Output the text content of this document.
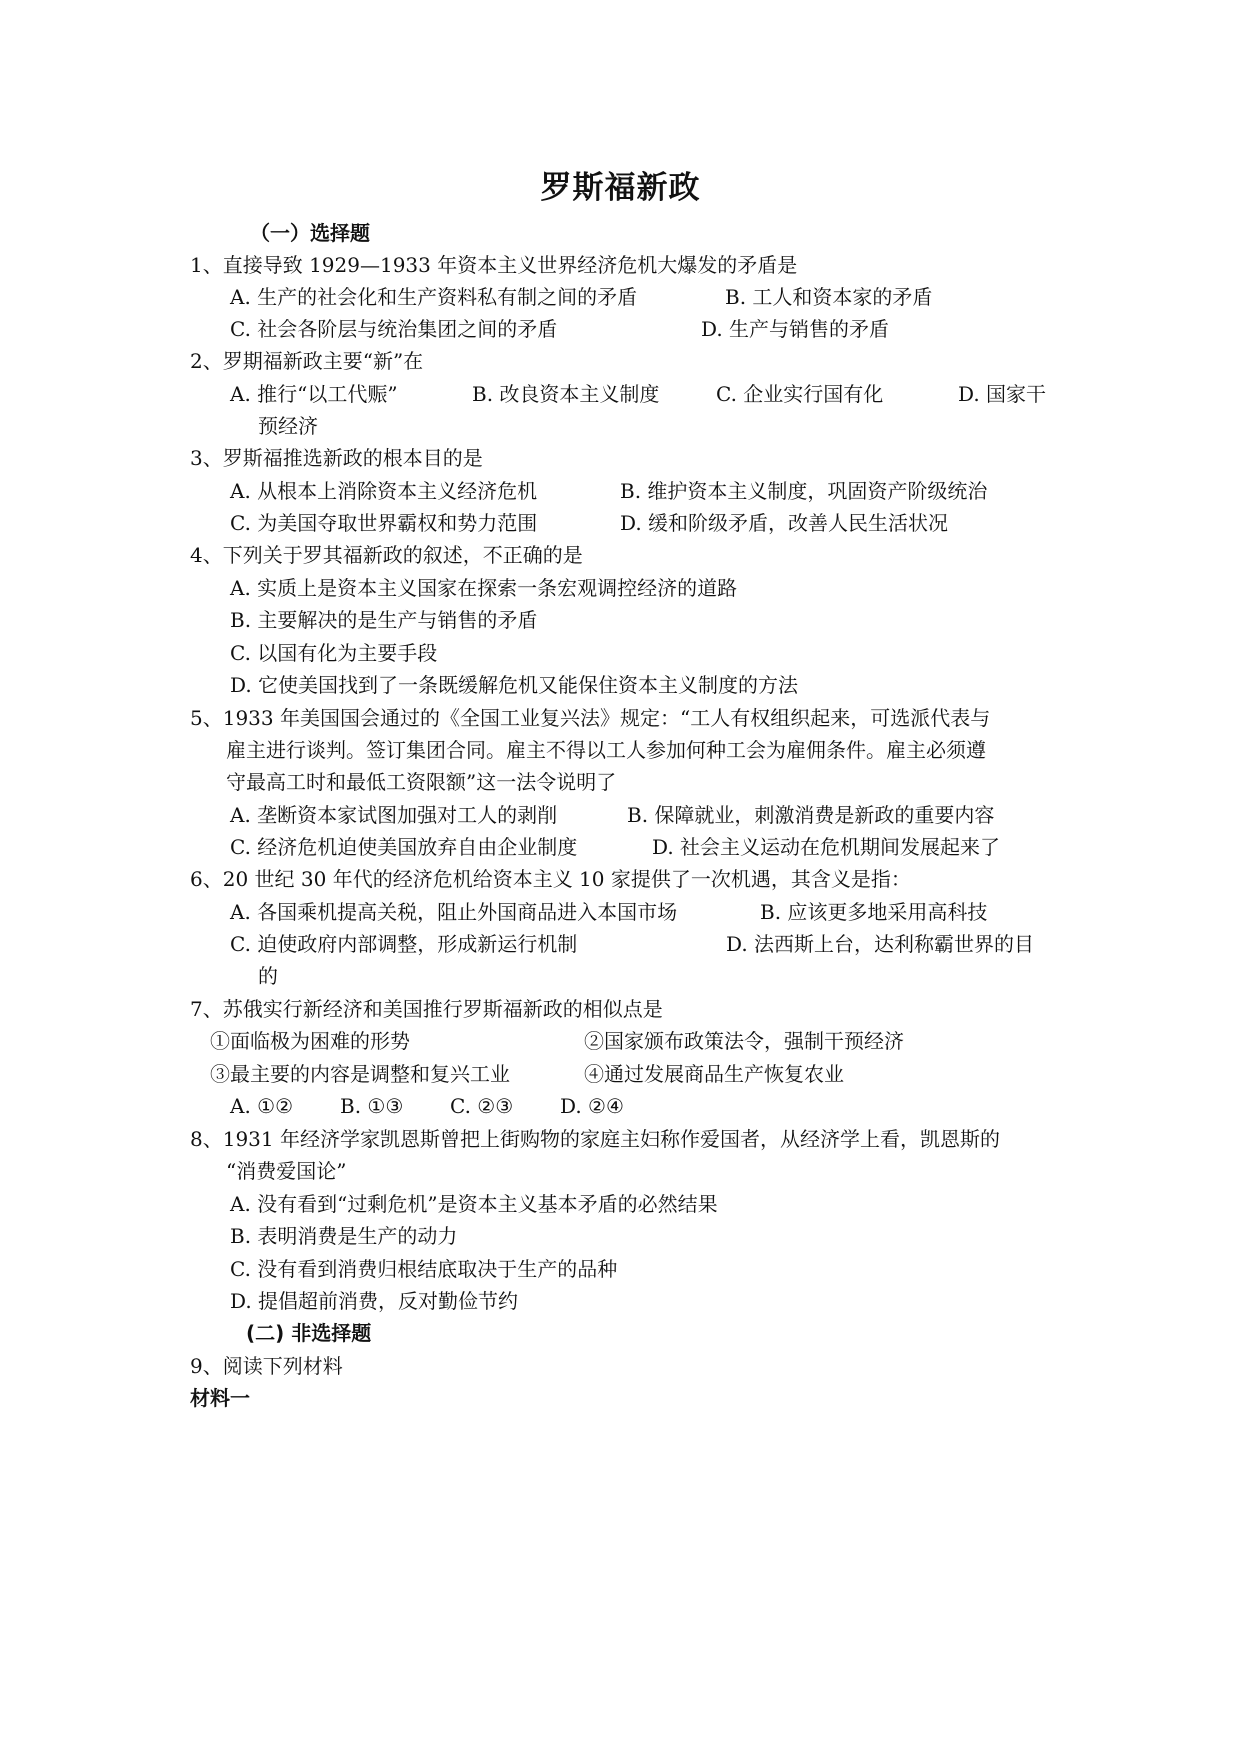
罗斯福新政
（一）选择题
1、直接导致 1929—1933 年资本主义世界经济危机大爆发的矛盾是
A. 生产的社会化和生产资料私有制之间的矛盾	B. 工人和资本家的矛盾
C. 社会各阶层与统治集团之间的矛盾	D. 生产与销售的矛盾
2、罗期福新政主要“新”在
A. 推行“以工代赈”	B. 改良资本主义制度	C. 企业实行国有化	D. 国家干
预经济
3、罗斯福推选新政的根本目的是
A. 从根本上消除资本主义经济危机	B. 维护资本主义制度，巩固资产阶级统治
C. 为美国夺取世界霸权和势力范围	D. 缓和阶级矛盾，改善人民生活状况
4、下列关于罗其福新政的叙述，不正确的是
A. 实质上是资本主义国家在探索一条宏观调控经济的道路
B. 主要解决的是生产与销售的矛盾
C. 以国有化为主要手段
D. 它使美国找到了一条既缓解危机又能保住资本主义制度的方法
5、1933 年美国国会通过的《全国工业复兴法》规定：“工人有权组织起来，可选派代表与
雇主进行谈判。签订集团合同。雇主不得以工人参加何种工会为雇佣条件。雇主必须遵
守最高工时和最低工资限额”这一法令说明了
A. 垄断资本家试图加强对工人的剥削	B. 保障就业，刺激消费是新政的重要内容
C. 经济危机迫使美国放弃自由企业制度	D. 社会主义运动在危机期间发展起来了
6、20 世纪 30 年代的经济危机给资本主义 10 家提供了一次机遇，其含义是指：
A. 各国乘机提高关税，阻止外国商品进入本国市场	B. 应该更多地采用高科技
C. 迫使政府内部调整，形成新运行机制	D. 法西斯上台，达利称霸世界的目
的
7、苏俄实行新经济和美国推行罗斯福新政的相似点是
①面临极为困难的形势	②国家颁布政策法令，强制干预经济
③最主要的内容是调整和复兴工业	④通过发展商品生产恢复农业
A. ①② B. ①③ C. ②③ D. ②④
8、1931 年经济学家凯恩斯曾把上街购物的家庭主妇称作爱国者，从经济学上看，凯恩斯的
“消费爱国论”
A. 没有看到“过剩危机”是资本主义基本矛盾的必然结果
B. 表明消费是生产的动力
C. 没有看到消费归根结底取决于生产的品种
D. 提倡超前消费，反对勤俭节约
(二) 非选择题
9、阅读下列材料
材料一
